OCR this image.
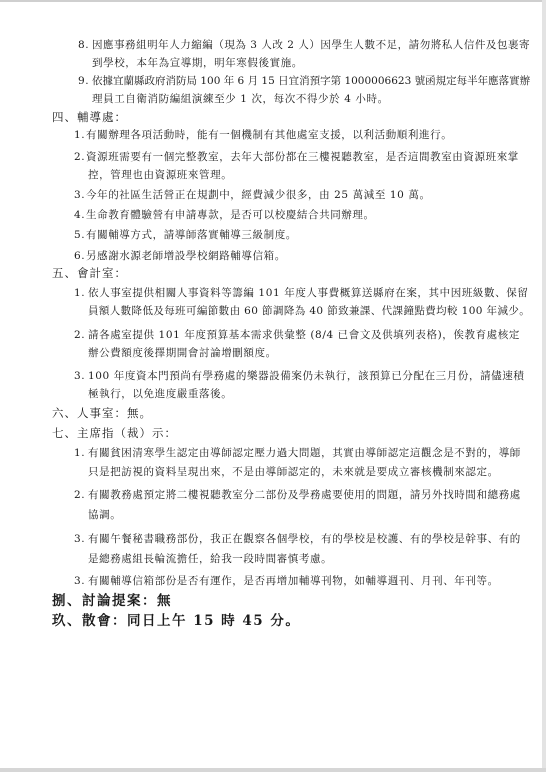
8. 因應事務組明年人力縮編（現為 3 人改 2 人）因學生人數不足，請勿將私人信件及包裹寄
到學校，本年為宣導期，明年寒假後實施。
9. 依據宜蘭縣政府消防局 100 年 6 月 15 日宜消預字第 1000006623 號函規定每半年應落實辦
理員工自衛消防編組演練至少 1 次，每次不得少於 4 小時。
四、輔導處：
1. 有關辦理各項活動時，能有一個機制有其他處室支援，以利活動順利進行。
2. 資源班需要有一個完整教室，去年大部份都在三樓視聽教室，是否這間教室由資源班來掌
控，管理也由資源班來管理。
3. 今年的社區生活營正在規劃中，經費減少很多，由 25 萬減至 10 萬。
4. 生命教育體驗營有申請專款，是否可以校慶結合共同辦理。
5. 有關輔導方式，請導師落實輔導三級制度。
6. 另感謝水源老師增設學校網路輔導信箱。
五、會計室：
1. 依人事室提供相關人事資料等籌編 101 年度人事費概算送縣府在案，其中因班級數、保留
員額人數降低及每班可編節數由 60 節調降為 40 節致兼課、代課鐘點費均較 100 年減少。
2. 請各處室提供 101 年度預算基本需求供彙整 (8/4 已會文及供填列表格)，俟教育處核定
辦公費額度後擇期開會討論增刪額度。
3. 100 年度資本門預尚有學務處的樂器設備案仍未執行，該預算已分配在三月份，請儘速積
極執行，以免進度嚴重落後。
六、人事室：無。
七、主席指（裁）示：
1. 有關貧困清寒學生認定由導師認定壓力過大問題，其實由導師認定這觀念是不對的，導師
只是把訪視的資料呈現出來，不是由導師認定的，未來就是要成立審核機制來認定。
2. 有關教務處預定將二樓視聽教室分二部份及學務處要使用的問題，請另外找時間和總務處
協調。
3. 有關午餐秘書職務部份，我正在觀察各個學校，有的學校是校護、有的學校是幹事、有的
是總務處組長輪流擔任，給我一段時間審慎考慮。
3. 有關輔導信箱部份是否有運作，是否再增加輔導刊物，如輔導週刊、月刊、年刊等。
捌、討論提案：無
玖、散會：同日上午 15 時 45 分。
